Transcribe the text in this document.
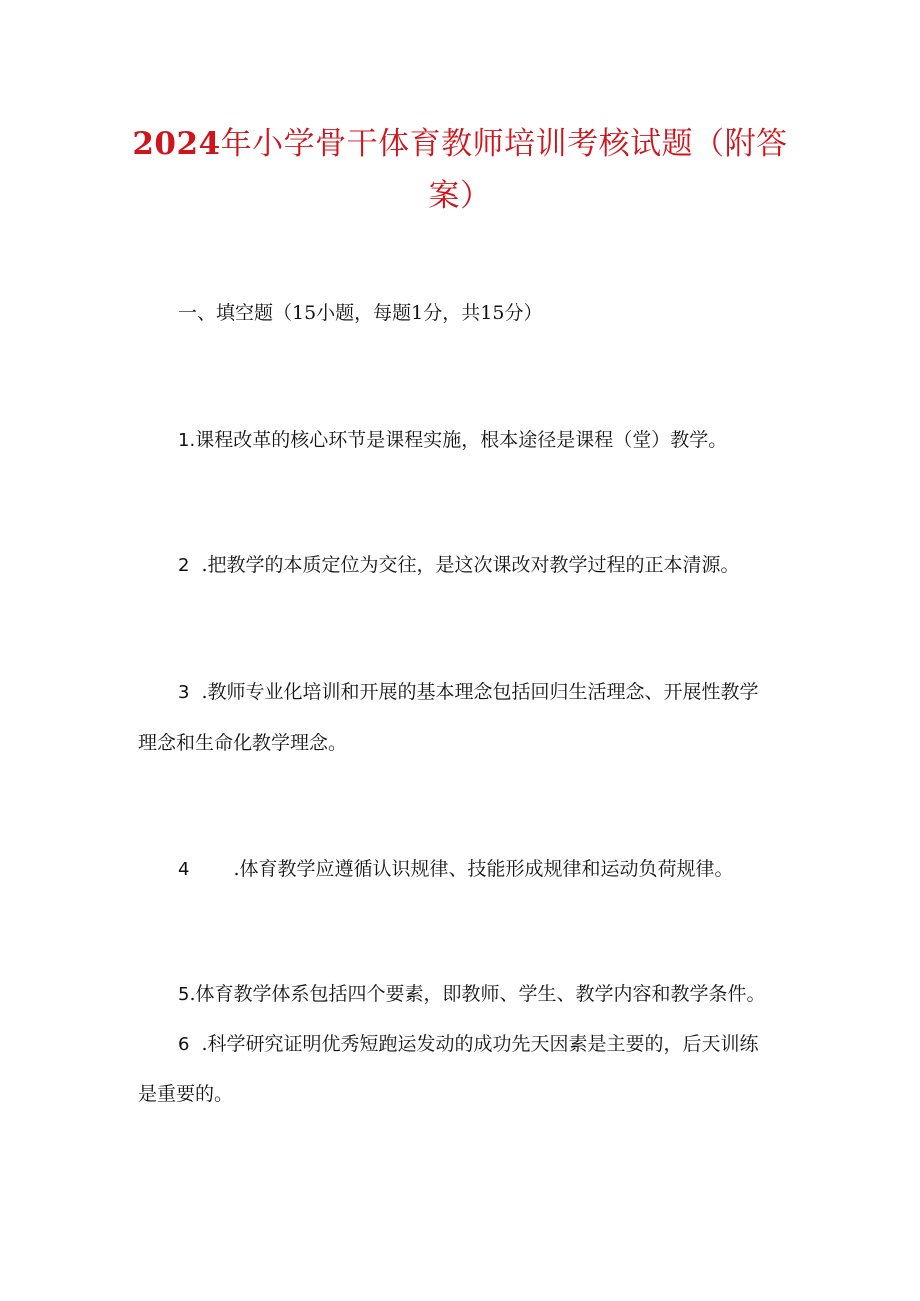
2024年小学骨干体育教师培训考核试题（附答
案）
一、填空题（15小题，每题1分，共15分）
1.课程改革的核心环节是课程实施，根本途径是课程（堂）教学。
2 .把教学的本质定位为交往，是这次课改对教学过程的正本清源。
3 .教师专业化培训和开展的基本理念包括回归生活理念、开展性教学
理念和生命化教学理念。
4 .体育教学应遵循认识规律、技能形成规律和运动负荷规律。
5.体育教学体系包括四个要素，即教师、学生、教学内容和教学条件。
6 .科学研究证明优秀短跑运发动的成功先天因素是主要的，后天训练
是重要的。
